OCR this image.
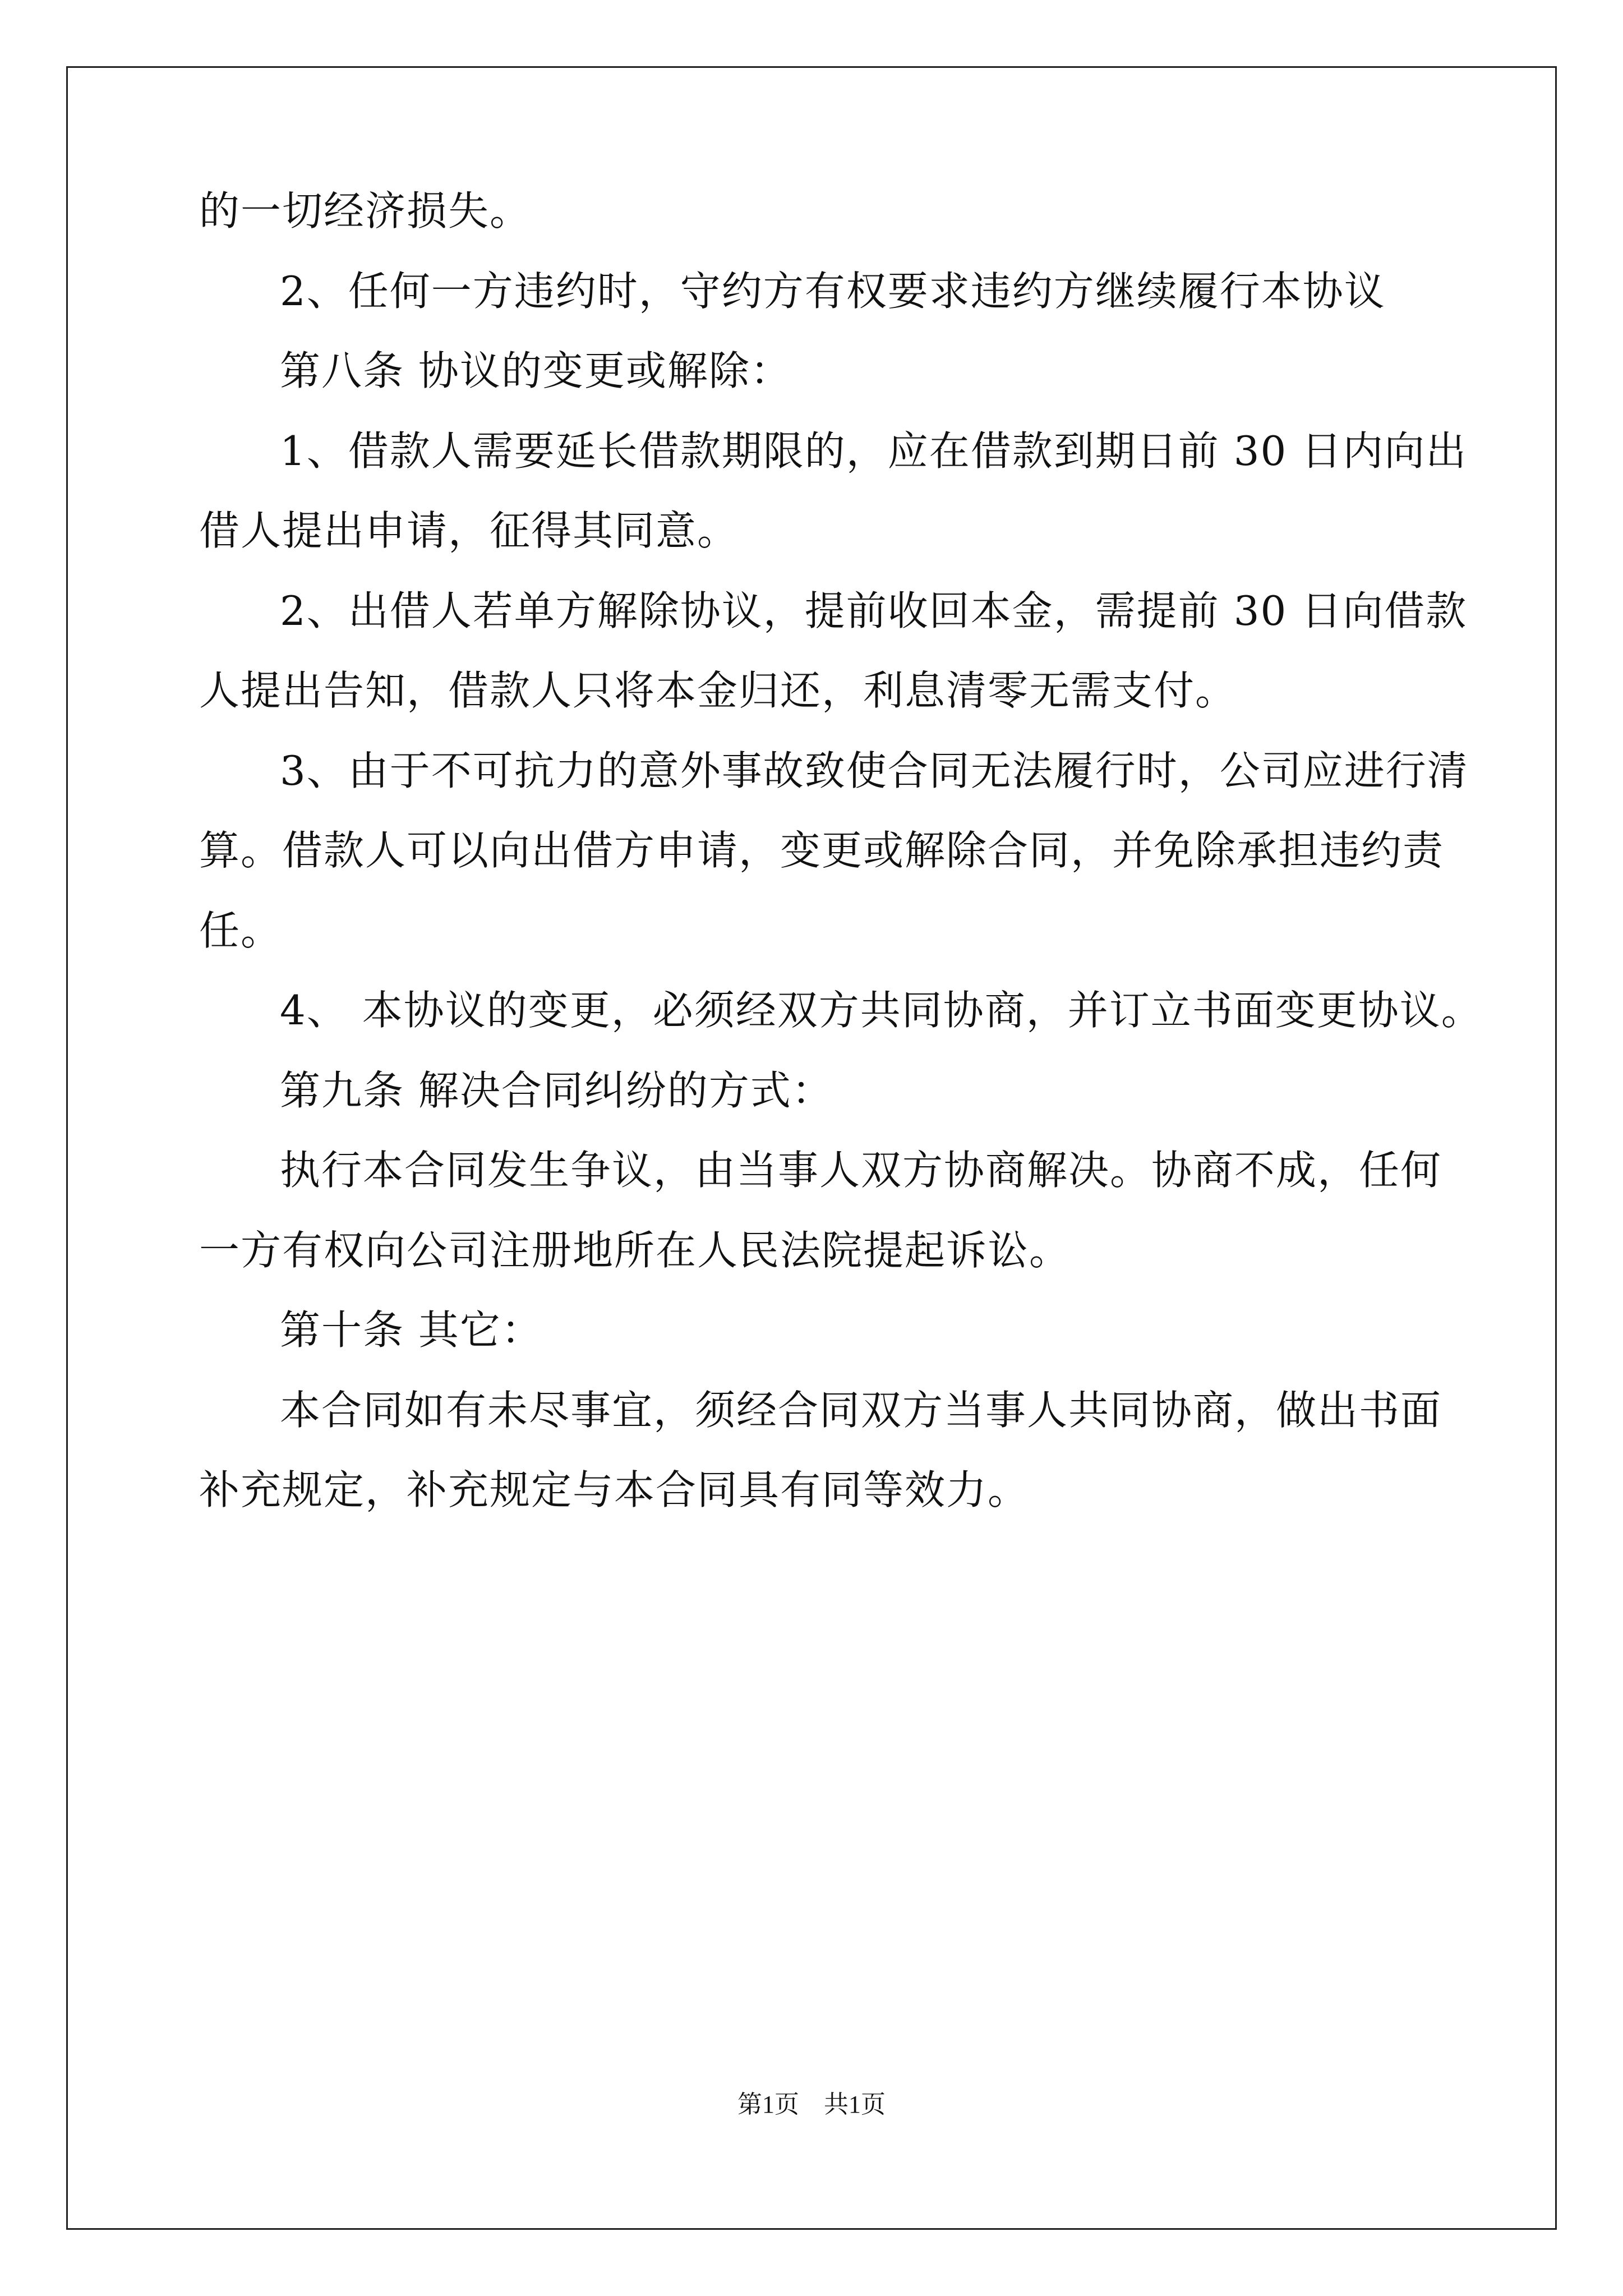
的一切经济损失。

2、任何一方违约时，守约方有权要求违约方继续履行本协议

第八条 协议的变更或解除：

1、借款人需要延长借款期限的，应在借款到期日前 30 日内向出

借人提出申请，征得其同意。

2、出借人若单方解除协议，提前收回本金，需提前 30 日向借款

人提出告知，借款人只将本金归还，利息清零无需支付。

3、由于不可抗力的意外事故致使合同无法履行时，公司应进行清

算。借款人可以向出借方申请，变更或解除合同，并免除承担违约责

任。

4、 本协议的变更，必须经双方共同协商，并订立书面变更协议。

第九条 解决合同纠纷的方式：

执行本合同发生争议，由当事人双方协商解决。协商不成，任何

一方有权向公司注册地所在人民法院提起诉讼。

第十条 其它：

本合同如有未尽事宜，须经合同双方当事人共同协商，做出书面

补充规定，补充规定与本合同具有同等效力。

第1页　共1页
